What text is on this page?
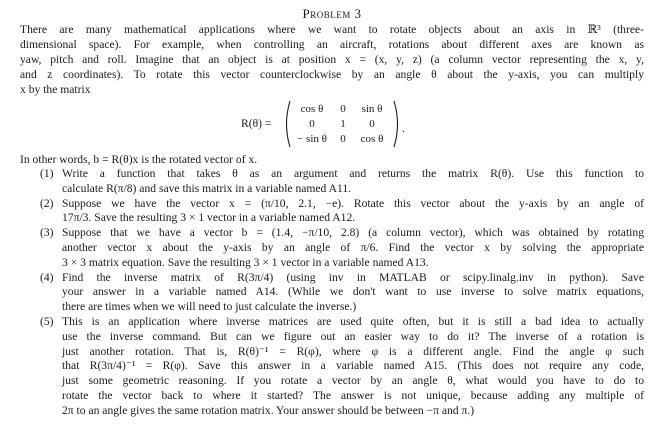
Problem 3
There are many mathematical applications where we want to rotate objects about an axis in ℝ³ (three-
dimensional space). For example, when controlling an aircraft, rotations about different axes are known as
yaw, pitch and roll. Imagine that an object is at position x = (x, y, z) (a column vector representing the x, y,
and z coordinates). To rotate this vector counterclockwise by an angle θ about the y-axis, you can multiply
x by the matrix
R(θ) =
cos θ	0	sin θ
0	1	0
− sin θ	0	cos θ
.
In other words, b = R(θ)x is the rotated vector of x.
(1) Write a function that takes θ as an argument and returns the matrix R(θ). Use this function to
calculate R(π/8) and save this matrix in a variable named A11.
(2) Suppose we have the vector x = (π/10, 2.1, −e). Rotate this vector about the y-axis by an angle of
17π/3. Save the resulting 3 × 1 vector in a variable named A12.
(3) Suppose that we have a vector b = (1.4, −π/10, 2.8) (a column vector), which was obtained by rotating
another vector x about the y-axis by an angle of π/6. Find the vector x by solving the appropriate
3 × 3 matrix equation. Save the resulting 3 × 1 vector in a variable named A13.
(4) Find the inverse matrix of R(3π/4) (using inv in MATLAB or scipy.linalg.inv in python). Save
your answer in a variable named A14. (While we don't want to use inverse to solve matrix equations,
there are times when we will need to just calculate the inverse.)
(5) This is an application where inverse matrices are used quite often, but it is still a bad idea to actually
use the inverse command. But can we figure out an easier way to do it? The inverse of a rotation is
just another rotation. That is, R(θ)⁻¹ = R(φ), where φ is a different angle. Find the angle φ such
that R(3π/4)⁻¹ = R(φ). Save this answer in a variable named A15. (This does not require any code,
just some geometric reasoning. If you rotate a vector by an angle θ, what would you have to do to
rotate the vector back to where it started? The answer is not unique, because adding any multiple of
2π to an angle gives the same rotation matrix. Your answer should be between −π and π.)
